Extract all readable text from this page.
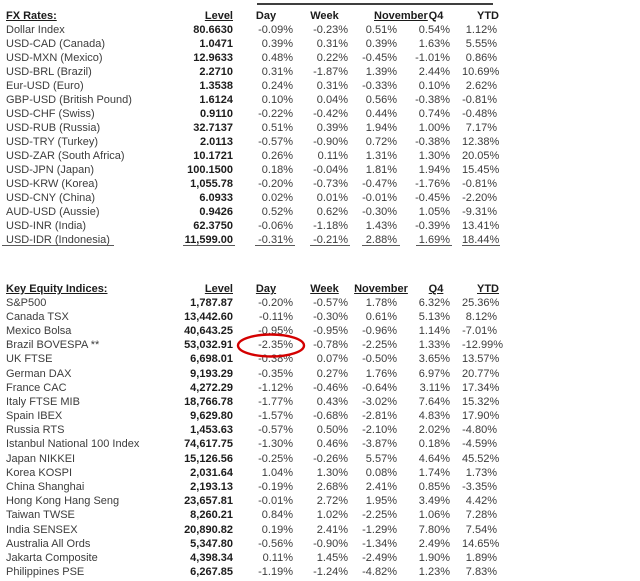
FX Rates:	Level	Day	Week	November	Q4	YTD
Dollar Index	80.6630	-0.09%	-0.23%	0.51%	0.54%	1.12%
USD-CAD (Canada)	1.0471	0.39%	0.31%	0.39%	1.63%	5.55%
USD-MXN (Mexico)	12.9633	0.48%	0.22%	-0.45%	-1.01%	0.86%
USD-BRL (Brazil)	2.2710	0.31%	-1.87%	1.39%	2.44%	10.69%
Eur-USD (Euro)	1.3538	0.24%	0.31%	-0.33%	0.10%	2.62%
GBP-USD (British Pound)	1.6124	0.10%	0.04%	0.56%	-0.38%	-0.81%
USD-CHF (Swiss)	0.9110	-0.22%	-0.42%	0.44%	0.74%	-0.48%
USD-RUB (Russia)	32.7137	0.51%	0.39%	1.94%	1.00%	7.17%
USD-TRY (Turkey)	2.0113	-0.57%	-0.90%	0.72%	-0.38%	12.38%
USD-ZAR (South Africa)	10.1721	0.26%	0.11%	1.31%	1.30%	20.05%
USD-JPN (Japan)	100.1500	0.18%	-0.04%	1.81%	1.94%	15.45%
USD-KRW (Korea)	1,055.78	-0.20%	-0.73%	-0.47%	-1.76%	-0.81%
USD-CNY (China)	6.0933	0.02%	0.01%	-0.01%	-0.45%	-2.20%
AUD-USD (Aussie)	0.9426	0.52%	0.62%	-0.30%	1.05%	-9.31%
USD-INR (India)	62.3750	-0.06%	-1.18%	1.43%	-0.39%	13.41%
USD-IDR (Indonesia)	11,599.00	-0.31%	-0.21%	2.88%	1.69%	18.44%
Key Equity Indices:	Level	Day	Week	November	Q4	YTD
S&P500	1,787.87	-0.20%	-0.57%	1.78%	6.32%	25.36%
Canada TSX	13,442.60	-0.11%	-0.30%	0.61%	5.13%	8.12%
Mexico Bolsa	40,643.25	-0.95%	-0.95%	-0.96%	1.14%	-7.01%
Brazil BOVESPA **	53,032.91	-2.35%	-0.78%	-2.25%	1.33%	-12.99%
UK FTSE	6,698.01	-0.38%	0.07%	-0.50%	3.65%	13.57%
German DAX	9,193.29	-0.35%	0.27%	1.76%	6.97%	20.77%
France CAC	4,272.29	-1.12%	-0.46%	-0.64%	3.11%	17.34%
Italy FTSE MIB	18,766.78	-1.77%	0.43%	-3.02%	7.64%	15.32%
Spain IBEX	9,629.80	-1.57%	-0.68%	-2.81%	4.83%	17.90%
Russia RTS	1,453.63	-0.57%	0.50%	-2.10%	2.02%	-4.80%
Istanbul National 100 Index	74,617.75	-1.30%	0.46%	-3.87%	0.18%	-4.59%
Japan NIKKEI	15,126.56	-0.25%	-0.26%	5.57%	4.64%	45.52%
Korea KOSPI	2,031.64	1.04%	1.30%	0.08%	1.74%	1.73%
China Shanghai	2,193.13	-0.19%	2.68%	2.41%	0.85%	-3.35%
Hong Kong Hang Seng	23,657.81	-0.01%	2.72%	1.95%	3.49%	4.42%
Taiwan TWSE	8,260.21	0.84%	1.02%	-2.25%	1.06%	7.28%
India SENSEX	20,890.82	0.19%	2.41%	-1.29%	7.80%	7.54%
Australia All Ords	5,347.80	-0.56%	-0.90%	-1.34%	2.49%	14.65%
Jakarta Composite	4,398.34	0.11%	1.45%	-2.49%	1.90%	1.89%
Philippines PSE	6,267.85	-1.19%	-1.24%	-4.82%	1.23%	7.83%
